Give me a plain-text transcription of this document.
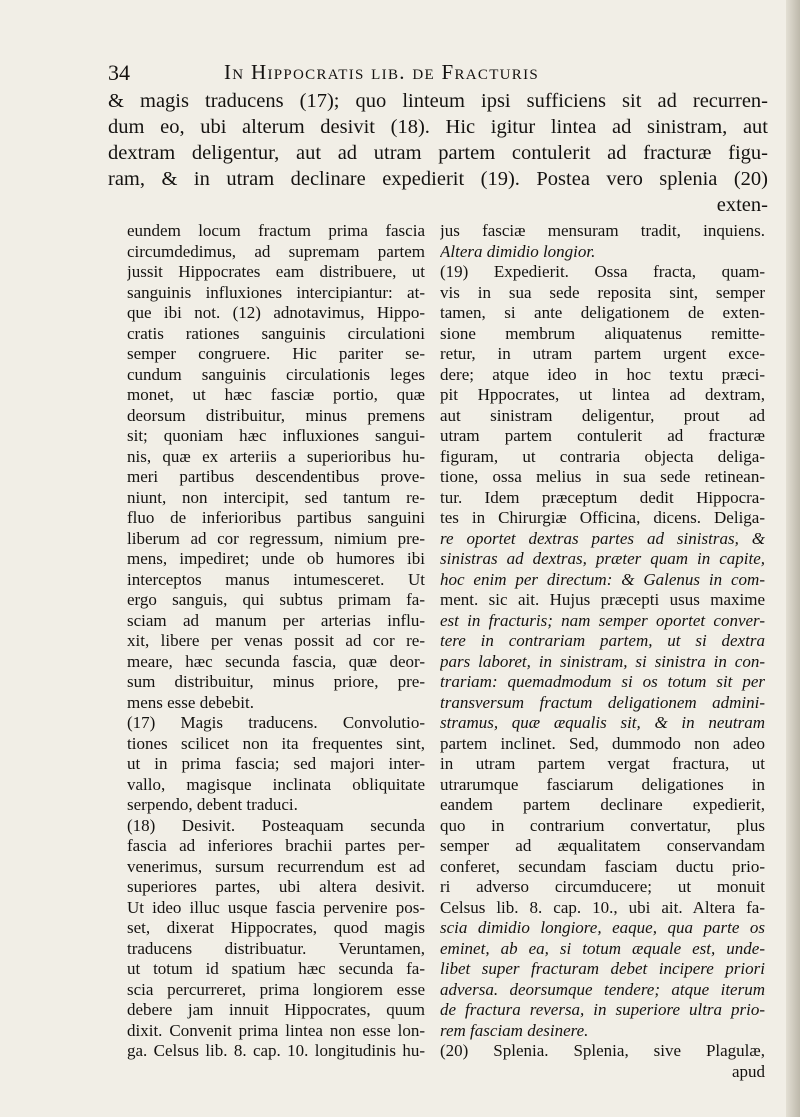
34	In Hippocratis lib. de Fracturis
& magis traducens (17); quo linteum ipsi sufficiens sit ad recurren-
dum eo, ubi alterum desivit (18). Hic igitur lintea ad sinistram, aut
dextram deligentur, aut ad utram partem contulerit ad fracturæ figu-
ram, & in utram declinare expedierit (19). Postea vero splenia (20)
exten-
eundem locum fractum prima fascia
circumdedimus, ad supremam partem
jussit Hippocrates eam distribuere, ut
sanguinis influxiones intercipiantur: at-
que ibi not. (12) adnotavimus, Hippo-
cratis rationes sanguinis circulationi
semper congruere. Hic pariter se-
cundum sanguinis circulationis leges
monet, ut hæc fasciæ portio, quæ
deorsum distribuitur, minus premens
sit; quoniam hæc influxiones sangui-
nis, quæ ex arteriis a superioribus hu-
meri partibus descendentibus prove-
niunt, non intercipit, sed tantum re-
fluo de inferioribus partibus sanguini
liberum ad cor regressum, nimium pre-
mens, impediret; unde ob humores ibi
interceptos manus intumesceret. Ut
ergo sanguis, qui subtus primam fa-
sciam ad manum per arterias influ-
xit, libere per venas possit ad cor re-
meare, hæc secunda fascia, quæ deor-
sum distribuitur, minus priore, pre-
mens esse debebit.
(17) Magis traducens. Convolutio-
tiones scilicet non ita frequentes sint,
ut in prima fascia; sed majori inter-
vallo, magisque inclinata obliquitate
serpendo, debent traduci.
(18) Desivit. Posteaquam secunda
fascia ad inferiores brachii partes per-
venerimus, sursum recurrendum est ad
superiores partes, ubi altera desivit.
Ut ideo illuc usque fascia pervenire pos-
set, dixerat Hippocrates, quod magis
traducens distribuatur. Veruntamen,
ut totum id spatium hæc secunda fa-
scia percurreret, prima longiorem esse
debere jam innuit Hippocrates, quum
dixit. Convenit prima lintea non esse lon-
ga. Celsus lib. 8. cap. 10. longitudinis hu-
jus fasciæ mensuram tradit, inquiens.
Altera dimidio longior.
(19) Expedierit. Ossa fracta, quam-
vis in sua sede reposita sint, semper
tamen, si ante deligationem de exten-
sione membrum aliquatenus remitte-
retur, in utram partem urgent exce-
dere; atque ideo in hoc textu præci-
pit Hppocrates, ut lintea ad dextram,
aut sinistram deligentur, prout ad
utram partem contulerit ad fracturæ
figuram, ut contraria objecta deliga-
tione, ossa melius in sua sede retinean-
tur. Idem præceptum dedit Hippocra-
tes in Chirurgiæ Officina, dicens. Deliga-
re oportet dextras partes ad sinistras, &
sinistras ad dextras, præter quam in capite,
hoc enim per directum: & Galenus in com-
ment. sic ait. Hujus præcepti usus maxime
est in fracturis; nam semper oportet conver-
tere in contrariam partem, ut si dextra
pars laboret, in sinistram, si sinistra in con-
trariam: quemadmodum si os totum sit per
transversum fractum deligationem admini-
stramus, quæ æqualis sit, & in neutram
partem inclinet. Sed, dummodo non adeo
in utram partem vergat fractura, ut
utrarumque fasciarum deligationes in
eandem partem declinare expedierit,
quo in contrarium convertatur, plus
semper ad æqualitatem conservandam
conferet, secundam fasciam ductu prio-
ri adverso circumducere; ut monuit
Celsus lib. 8. cap. 10., ubi ait. Altera fa-
scia dimidio longiore, eaque, qua parte os
eminet, ab ea, si totum æquale est, unde-
libet super fracturam debet incipere priori
adversa. deorsumque tendere; atque iterum
de fractura reversa, in superiore ultra prio-
rem fasciam desinere.
(20) Splenia. Splenia, sive Plagulæ,
apud
